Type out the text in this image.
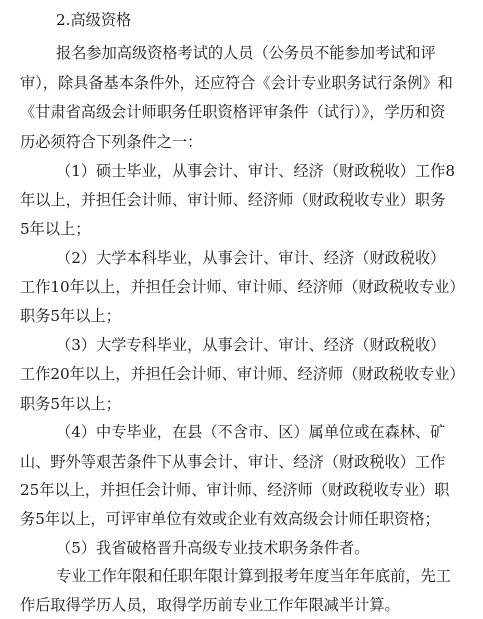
2.高级资格
报名参加高级资格考试的人员（公务员不能参加考试和评
审），除具备基本条件外，还应符合《会计专业职务试行条例》和
《甘肃省高级会计师职务任职资格评审条件（试行）》，学历和资
历必须符合下列条件之一：
（1）硕士毕业，从事会计、审计、经济（财政税收）工作8
年以上，并担任会计师、审计师、经济师（财政税收专业）职务
5年以上；
（2）大学本科毕业，从事会计、审计、经济（财政税收）
工作10年以上，并担任会计师、审计师、经济师（财政税收专业）
职务5年以上；
（3）大学专科毕业，从事会计、审计、经济（财政税收）
工作20年以上，并担任会计师、审计师、经济师（财政税收专业）
职务5年以上；
（4）中专毕业，在县（不含市、区）属单位或在森林、矿
山、野外等艰苦条件下从事会计、审计、经济（财政税收）工作
25年以上，并担任会计师、审计师、经济师（财政税收专业）职
务5年以上，可评审单位有效或企业有效高级会计师任职资格；
（5）我省破格晋升高级专业技术职务条件者。
专业工作年限和任职年限计算到报考年度当年年底前，先工
作后取得学历人员，取得学历前专业工作年限减半计算。
